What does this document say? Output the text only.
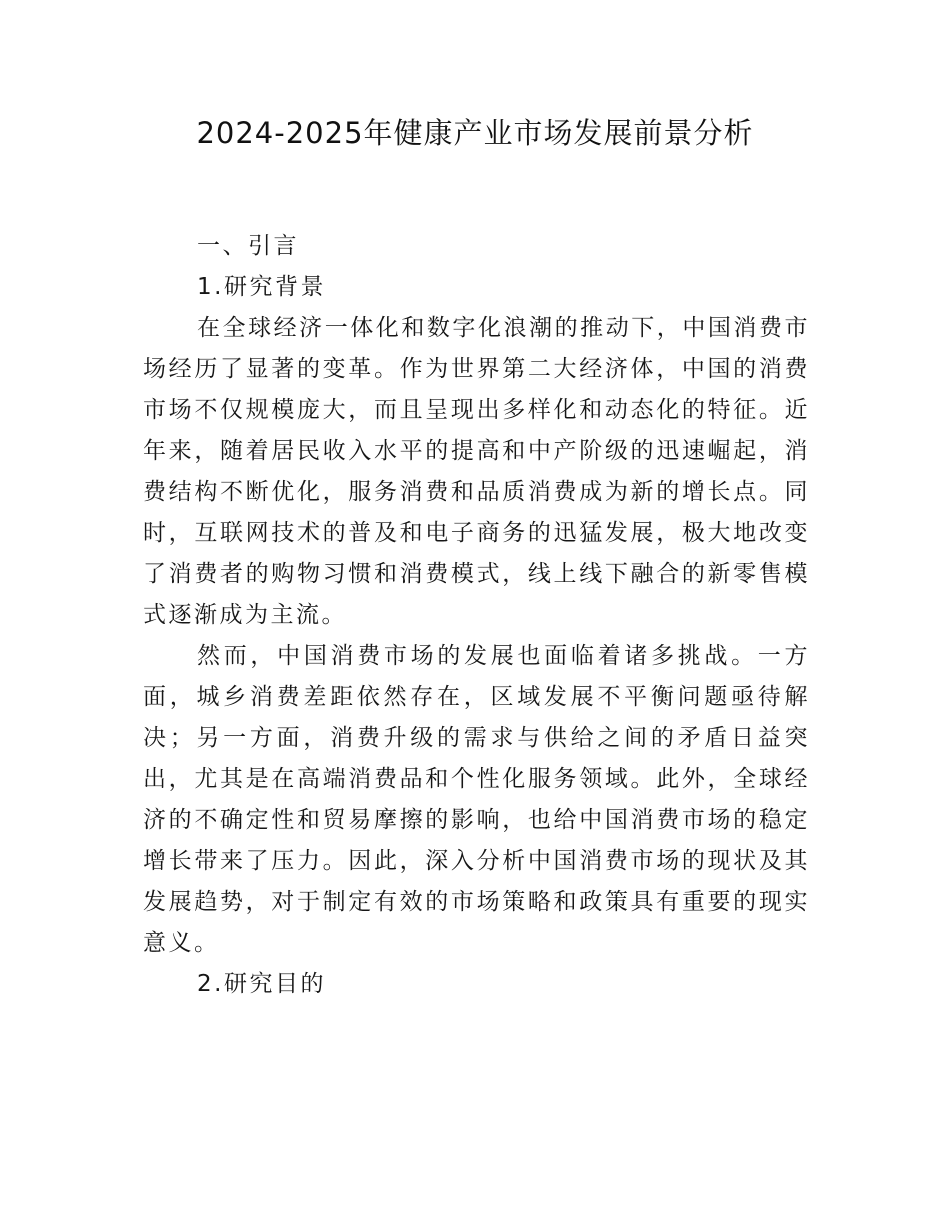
2024-2025年健康产业市场发展前景分析

一、引言

1.研究背景

在全球经济一体化和数字化浪潮的推动下，中国消费市场经历了显著的变革。作为世界第二大经济体，中国的消费市场不仅规模庞大，而且呈现出多样化和动态化的特征。近年来，随着居民收入水平的提高和中产阶级的迅速崛起，消费结构不断优化，服务消费和品质消费成为新的增长点。同时，互联网技术的普及和电子商务的迅猛发展，极大地改变了消费者的购物习惯和消费模式，线上线下融合的新零售模式逐渐成为主流。

然而，中国消费市场的发展也面临着诸多挑战。一方面，城乡消费差距依然存在，区域发展不平衡问题亟待解决；另一方面，消费升级的需求与供给之间的矛盾日益突出，尤其是在高端消费品和个性化服务领域。此外，全球经济的不确定性和贸易摩擦的影响，也给中国消费市场的稳定增长带来了压力。因此，深入分析中国消费市场的现状及其发展趋势，对于制定有效的市场策略和政策具有重要的现实意义。

2.研究目的
